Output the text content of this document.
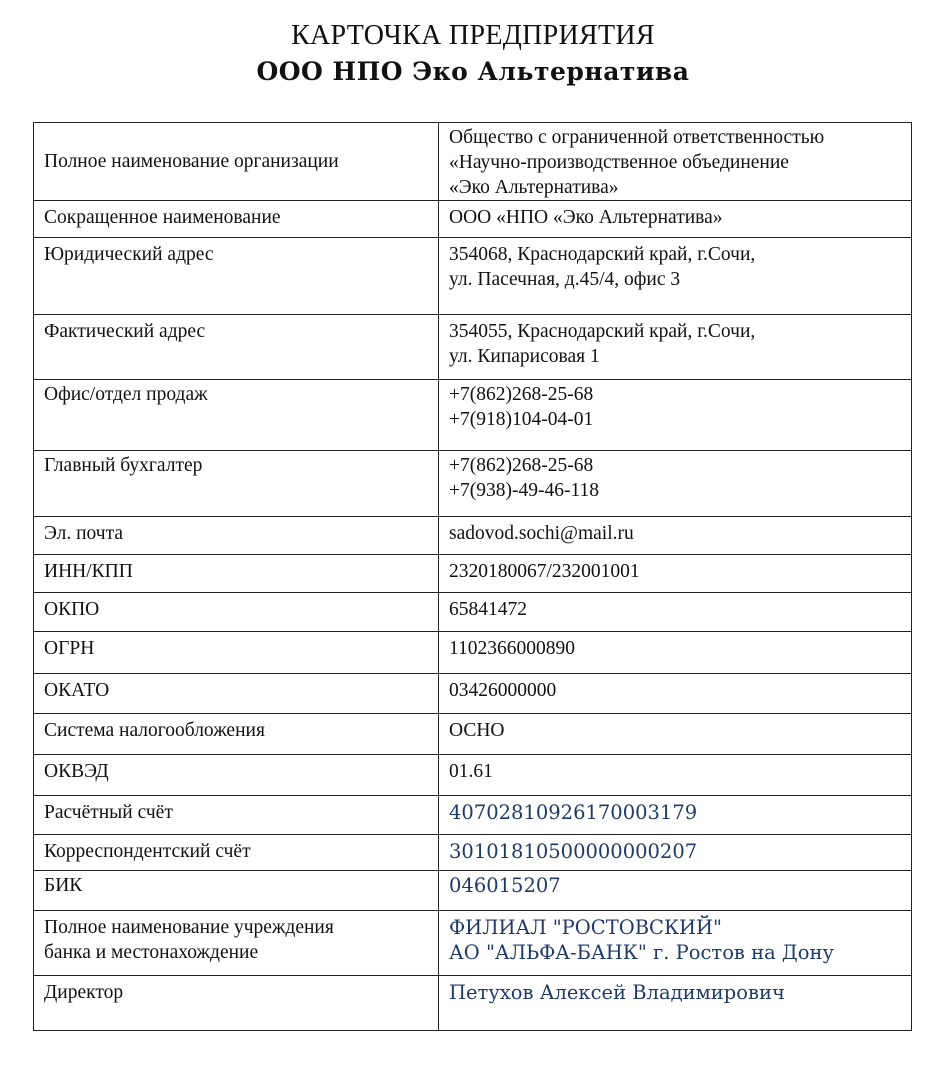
КАРТОЧКА ПРЕДПРИЯТИЯ
ООО НПО Эко Альтернатива
Полное наименование организации	Общество с ограниченной ответственностью
«Научно-производственное объединение
«Эко Альтернатива»

Сокращенное наименование	ООО «НПО «Эко Альтернатива»

Юридический адрес	354068, Краснодарский край, г.Сочи,
ул. Пасечная, д.45/4, офис 3

Фактический адрес	354055, Краснодарский край, г.Сочи,
ул. Кипарисовая 1

Офис/отдел продаж	+7(862)268-25-68
+7(918)104-04-01

Главный бухгалтер	+7(862)268-25-68
+7(938)-49-46-118

Эл. почта	sadovod.sochi@mail.ru

ИНН/КПП	2320180067/232001001

ОКПО	65841472

ОГРН	1102366000890

ОКАТО	03426000000

Система налогообложения	ОСНО

ОКВЭД	01.61

Расчётный счёт	40702810926170003179

Корреспондентский счёт	30101810500000000207

БИК	046015207

Полное наименование учреждения
банка и местонахождение	ФИЛИАЛ "РОСТОВСКИЙ"
АО "АЛЬФА-БАНК" г. Ростов на Дону

Директор	Петухов Алексей Владимирович
